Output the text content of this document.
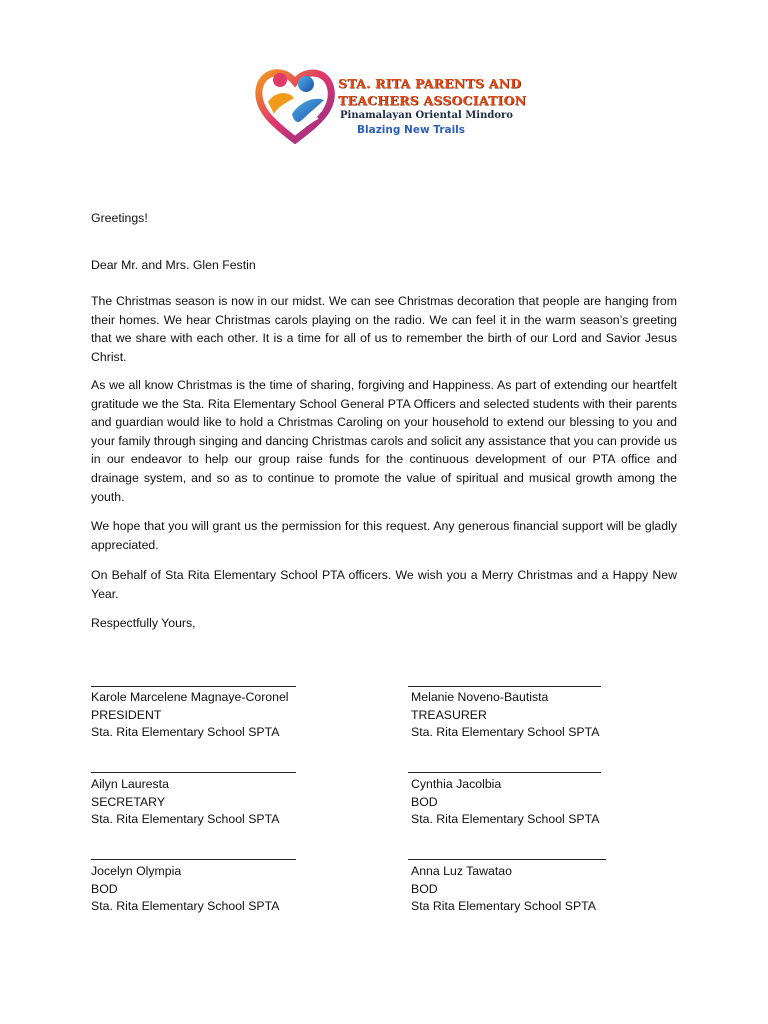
STA. RITA PARENTS AND
TEACHERS ASSOCIATION
Pinamalayan Oriental Mindoro
Blazing New Trails
Greetings!
Dear Mr. and Mrs. Glen Festin
The Christmas season is now in our midst. We can see Christmas decoration that people are hanging from their homes. We hear Christmas carols playing on the radio. We can feel it in the warm season’s greeting that we share with each other. It is a time for all of us to remember the birth of our Lord and Savior Jesus Christ.
As we all know Christmas is the time of sharing, forgiving and Happiness. As part of extending our heartfelt gratitude we the Sta. Rita Elementary School General PTA Officers and selected students with their parents and guardian would like to hold a Christmas Caroling on your household to extend our blessing to you and your family through singing and dancing Christmas carols and solicit any assistance that you can provide us in our endeavor to help our group raise funds for the continuous development of our PTA office and drainage system, and so as to continue to promote the value of spiritual and musical growth among the youth.
We hope that you will grant us the permission for this request. Any generous financial support will be gladly appreciated.
On Behalf of Sta Rita Elementary School PTA officers. We wish you a Merry Christmas and a Happy New Year.
Respectfully Yours,
Karole Marcelene Magnaye-Coronel
PRESIDENT
Sta. Rita Elementary School SPTA
Melanie Noveno-Bautista
TREASURER
Sta. Rita Elementary School SPTA
Ailyn Lauresta
SECRETARY
Sta. Rita Elementary School SPTA
Cynthia Jacolbia
BOD
Sta. Rita Elementary School SPTA
Jocelyn Olympia
BOD
Sta. Rita Elementary School SPTA
Anna Luz Tawatao
BOD
Sta Rita Elementary School SPTA
